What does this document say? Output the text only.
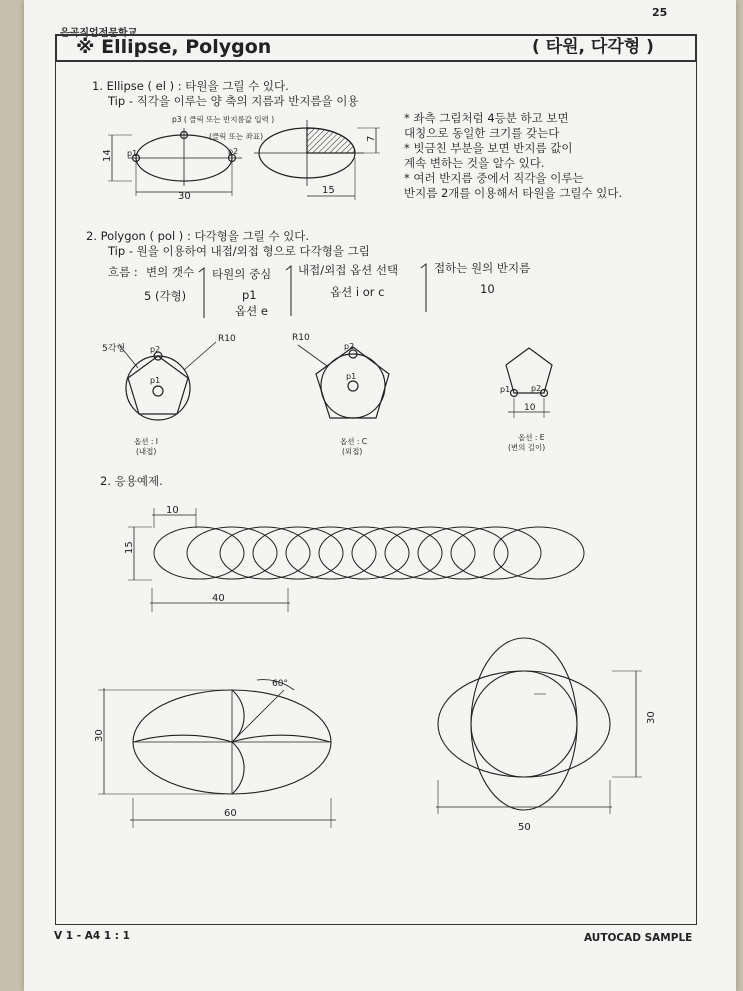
25
은곡직업전문학교
※ Ellipse, Polygon	( 타원, 다각형 )
1. Ellipse ( el ) : 타원을 그릴 수 있다.
Tip - 직각을 이루는 양 축의 지름과 반지름을 이용
* 좌측 그림처럼 4등분 하고 보면
대칭으로 동일한 크기를 갖는다
* 빗금친 부분을 보면 반지름 값이
계속 변하는 것을 알수 있다.
* 여러 반지름 중에서 직각을 이루는
반지름 2개를 이용해서 타원을 그릴수 있다.
p3 ( 클릭 또는 반지름값 입력 )
(클릭 또는 좌표)
2. Polygon ( pol ) : 다각형을 그릴 수 있다.
Tip - 원을 이용하여 내접/외접 형으로 다각형을 그림
흐름 : 변의 갯수
5 (각형)
타원의 중심
p1
옵션 e
내접/외접 옵션 선택
옵션 i or c
접하는 원의 반지름
10
옵션 : I
(내접)
옵션 : C
(외접)
옵션 : E
(변의 길이)
2. 응용예제.
V 1 - A4 1 : 1	AUTOCAD SAMPLE
p1	p2
30
14
15
7
5각형	p2
p1
R10	R10
p2
p1
p1	p2
10
10
15
40
30
60°
60
30
50
